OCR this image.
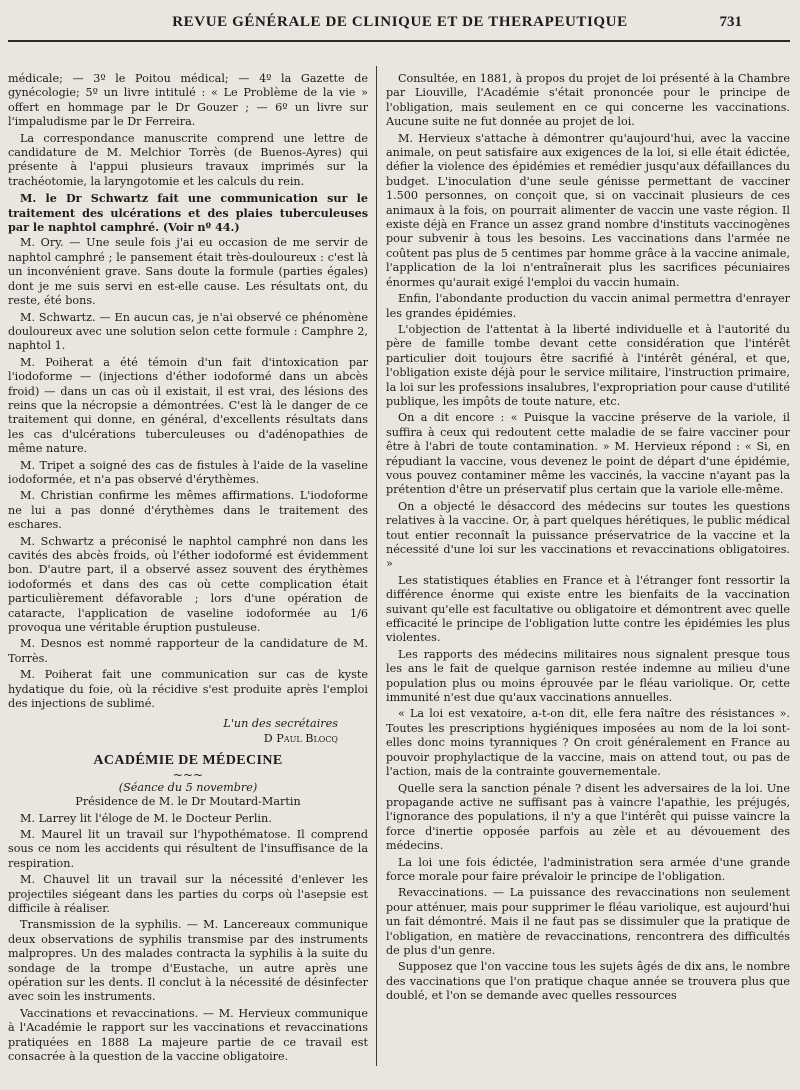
REVUE GÉNÉRALE DE CLINIQUE ET DE THERAPEUTIQUE	731

médicale; — 3º le Poitou médical; — 4º la Gazette de gynécologie; 5º un livre intitulé : « Le Problème de la vie » offert en hommage par le Dr Gouzer ; — 6º un livre sur l'impaludisme par le Dr Ferreira.

La correspondance manuscrite comprend une lettre de candidature de M. Melchior Torrès (de Buenos-Ayres) qui présente à l'appui plusieurs travaux imprimés sur la trachéotomie, la laryngotomie et les calculs du rein.

M. le Dr Schwartz fait une communication sur le traitement des ulcérations et des plaies tuberculeuses par le naphtol camphré. (Voir nº 44.)

M. Ory. — Une seule fois j'ai eu occasion de me servir de naphtol camphré ; le pansement était très-douloureux : c'est là un inconvénient grave. Sans doute la formule (parties égales) dont je me suis servi en est-elle cause. Les résultats ont, du reste, été bons.

M. Schwartz. — En aucun cas, je n'ai observé ce phénomène douloureux avec une solution selon cette formule : Camphre 2, naphtol 1.

M. Poiherat a été témoin d'un fait d'intoxication par l'iodoforme — (injections d'éther iodoformé dans un abcès froid) — dans un cas où il existait, il est vrai, des lésions des reins que la nécropsie a démontrées. C'est là le danger de ce traitement qui donne, en général, d'excellents résultats dans les cas d'ulcérations tuberculeuses ou d'adénopathies de même nature.

M. Tripet a soigné des cas de fistules à l'aide de la vaseline iodoformée, et n'a pas observé d'érythèmes.

M. Christian confirme les mêmes affirmations. L'iodoforme ne lui a pas donné d'érythèmes dans le traitement des eschares.

M. Schwartz a préconisé le naphtol camphré non dans les cavités des abcès froids, où l'éther iodoformé est évidemment bon. D'autre part, il a observé assez souvent des érythèmes iodoformés et dans des cas où cette complication était particulièrement défavorable ; lors d'une opération de cataracte, l'application de vaseline iodoformée au 1/6 provoqua une véritable éruption pustuleuse.

M. Desnos est nommé rapporteur de la candidature de M. Torrès.

M. Poiherat fait une communication sur cas de kyste hydatique du foie, où la récidive s'est produite après l'emploi des injections de sublimé.

L'un des secrétaires

D Paul Blocq

ACADÉMIE DE MÉDECINE
~~~

(Séance du 5 novembre)

Présidence de M. le Dr Moutard-Martin

M. Larrey lit l'éloge de M. le Docteur Perlin.

M. Maurel lit un travail sur l'hypothématose. Il comprend sous ce nom les accidents qui résultent de l'insuffisance de la respiration.

M. Chauvel lit un travail sur la nécessité d'enlever les projectiles siégeant dans les parties du corps où l'asepsie est difficile à réaliser.

Transmission de la syphilis. — M. Lancereaux communique deux observations de syphilis transmise par des instruments malpropres. Un des malades contracta la syphilis à la suite du sondage de la trompe d'Eustache, un autre après une opération sur les dents. Il conclut à la nécessité de désinfecter avec soin les instruments.

Vaccinations et revaccinations. — M. Hervieux communique à l'Académie le rapport sur les vaccinations et revaccinations pratiquées en 1888 La majeure partie de ce travail est consacrée à la question de la vaccine obligatoire.

Consultée, en 1881, à propos du projet de loi présenté à la Chambre par Liouville, l'Académie s'était prononcée pour le principe de l'obligation, mais seulement en ce qui concerne les vaccinations. Aucune suite ne fut donnée au projet de loi.

M. Hervieux s'attache à démontrer qu'aujourd'hui, avec la vaccine animale, on peut satisfaire aux exigences de la loi, si elle était édictée, défier la violence des épidémies et remédier jusqu'aux défaillances du budget. L'inoculation d'une seule génisse permettant de vacciner 1.500 personnes, on conçoit que, si on vaccinait plusieurs de ces animaux à la fois, on pourrait alimenter de vaccin une vaste région. Il existe déjà en France un assez grand nombre d'instituts vaccinogènes pour subvenir à tous les besoins. Les vaccinations dans l'armée ne coûtent pas plus de 5 centimes par homme grâce à la vaccine animale, l'application de la loi n'entraînerait plus les sacrifices pécuniaires énormes qu'aurait exigé l'emploi du vaccin humain.

Enfin, l'abondante production du vaccin animal permettra d'enrayer les grandes épidémies.

L'objection de l'attentat à la liberté individuelle et à l'autorité du père de famille tombe devant cette considération que l'intérêt particulier doit toujours être sacrifié à l'intérêt général, et que, l'obligation existe déjà pour le service militaire, l'instruction primaire, la loi sur les professions insalubres, l'expropriation pour cause d'utilité publique, les impôts de toute nature, etc.

On a dit encore : « Puisque la vaccine préserve de la variole, il suffira à ceux qui redoutent cette maladie de se faire vacciner pour être à l'abri de toute contamination. » M. Hervieux répond : « Si, en répudiant la vaccine, vous devenez le point de départ d'une épidémie, vous pouvez contaminer même les vaccinés, la vaccine n'ayant pas la prétention d'être un préservatif plus certain que la variole elle-même.

On a objecté le désaccord des médecins sur toutes les questions relatives à la vaccine. Or, à part quelques hérétiques, le public médical tout entier reconnaît la puissance préservatrice de la vaccine et la nécessité d'une loi sur les vaccinations et revaccinations obligatoires. »

Les statistiques établies en France et à l'étranger font ressortir la différence énorme qui existe entre les bienfaits de la vaccination suivant qu'elle est facultative ou obligatoire et démontrent avec quelle efficacité le principe de l'obligation lutte contre les épidémies les plus violentes.

Les rapports des médecins militaires nous signalent presque tous les ans le fait de quelque garnison restée indemne au milieu d'une population plus ou moins éprouvée par le fléau variolique. Or, cette immunité n'est due qu'aux vaccinations annuelles.

« La loi est vexatoire, a-t-on dit, elle fera naître des résistances ». Toutes les prescriptions hygiéniques imposées au nom de la loi sont-elles donc moins tyranniques ? On croit généralement en France au pouvoir prophylactique de la vaccine, mais on attend tout, ou pas de l'action, mais de la contrainte gouvernementale.

Quelle sera la sanction pénale ? disent les adversaires de la loi. Une propagande active ne suffisant pas à vaincre l'apathie, les préjugés, l'ignorance des populations, il n'y a que l'intérêt qui puisse vaincre la force d'inertie opposée parfois au zèle et au dévouement des médecins.

La loi une fois édictée, l'administration sera armée d'une grande force morale pour faire prévaloir le principe de l'obligation.

Revaccinations. — La puissance des revaccinations non seulement pour atténuer, mais pour supprimer le fléau variolique, est aujourd'hui un fait démontré. Mais il ne faut pas se dissimuler que la pratique de l'obligation, en matière de revaccinations, rencontrera des difficultés de plus d'un genre.

Supposez que l'on vaccine tous les sujets âgés de dix ans, le nombre des vaccinations que l'on pratique chaque année se trouvera plus que doublé, et l'on se demande avec quelles ressources
